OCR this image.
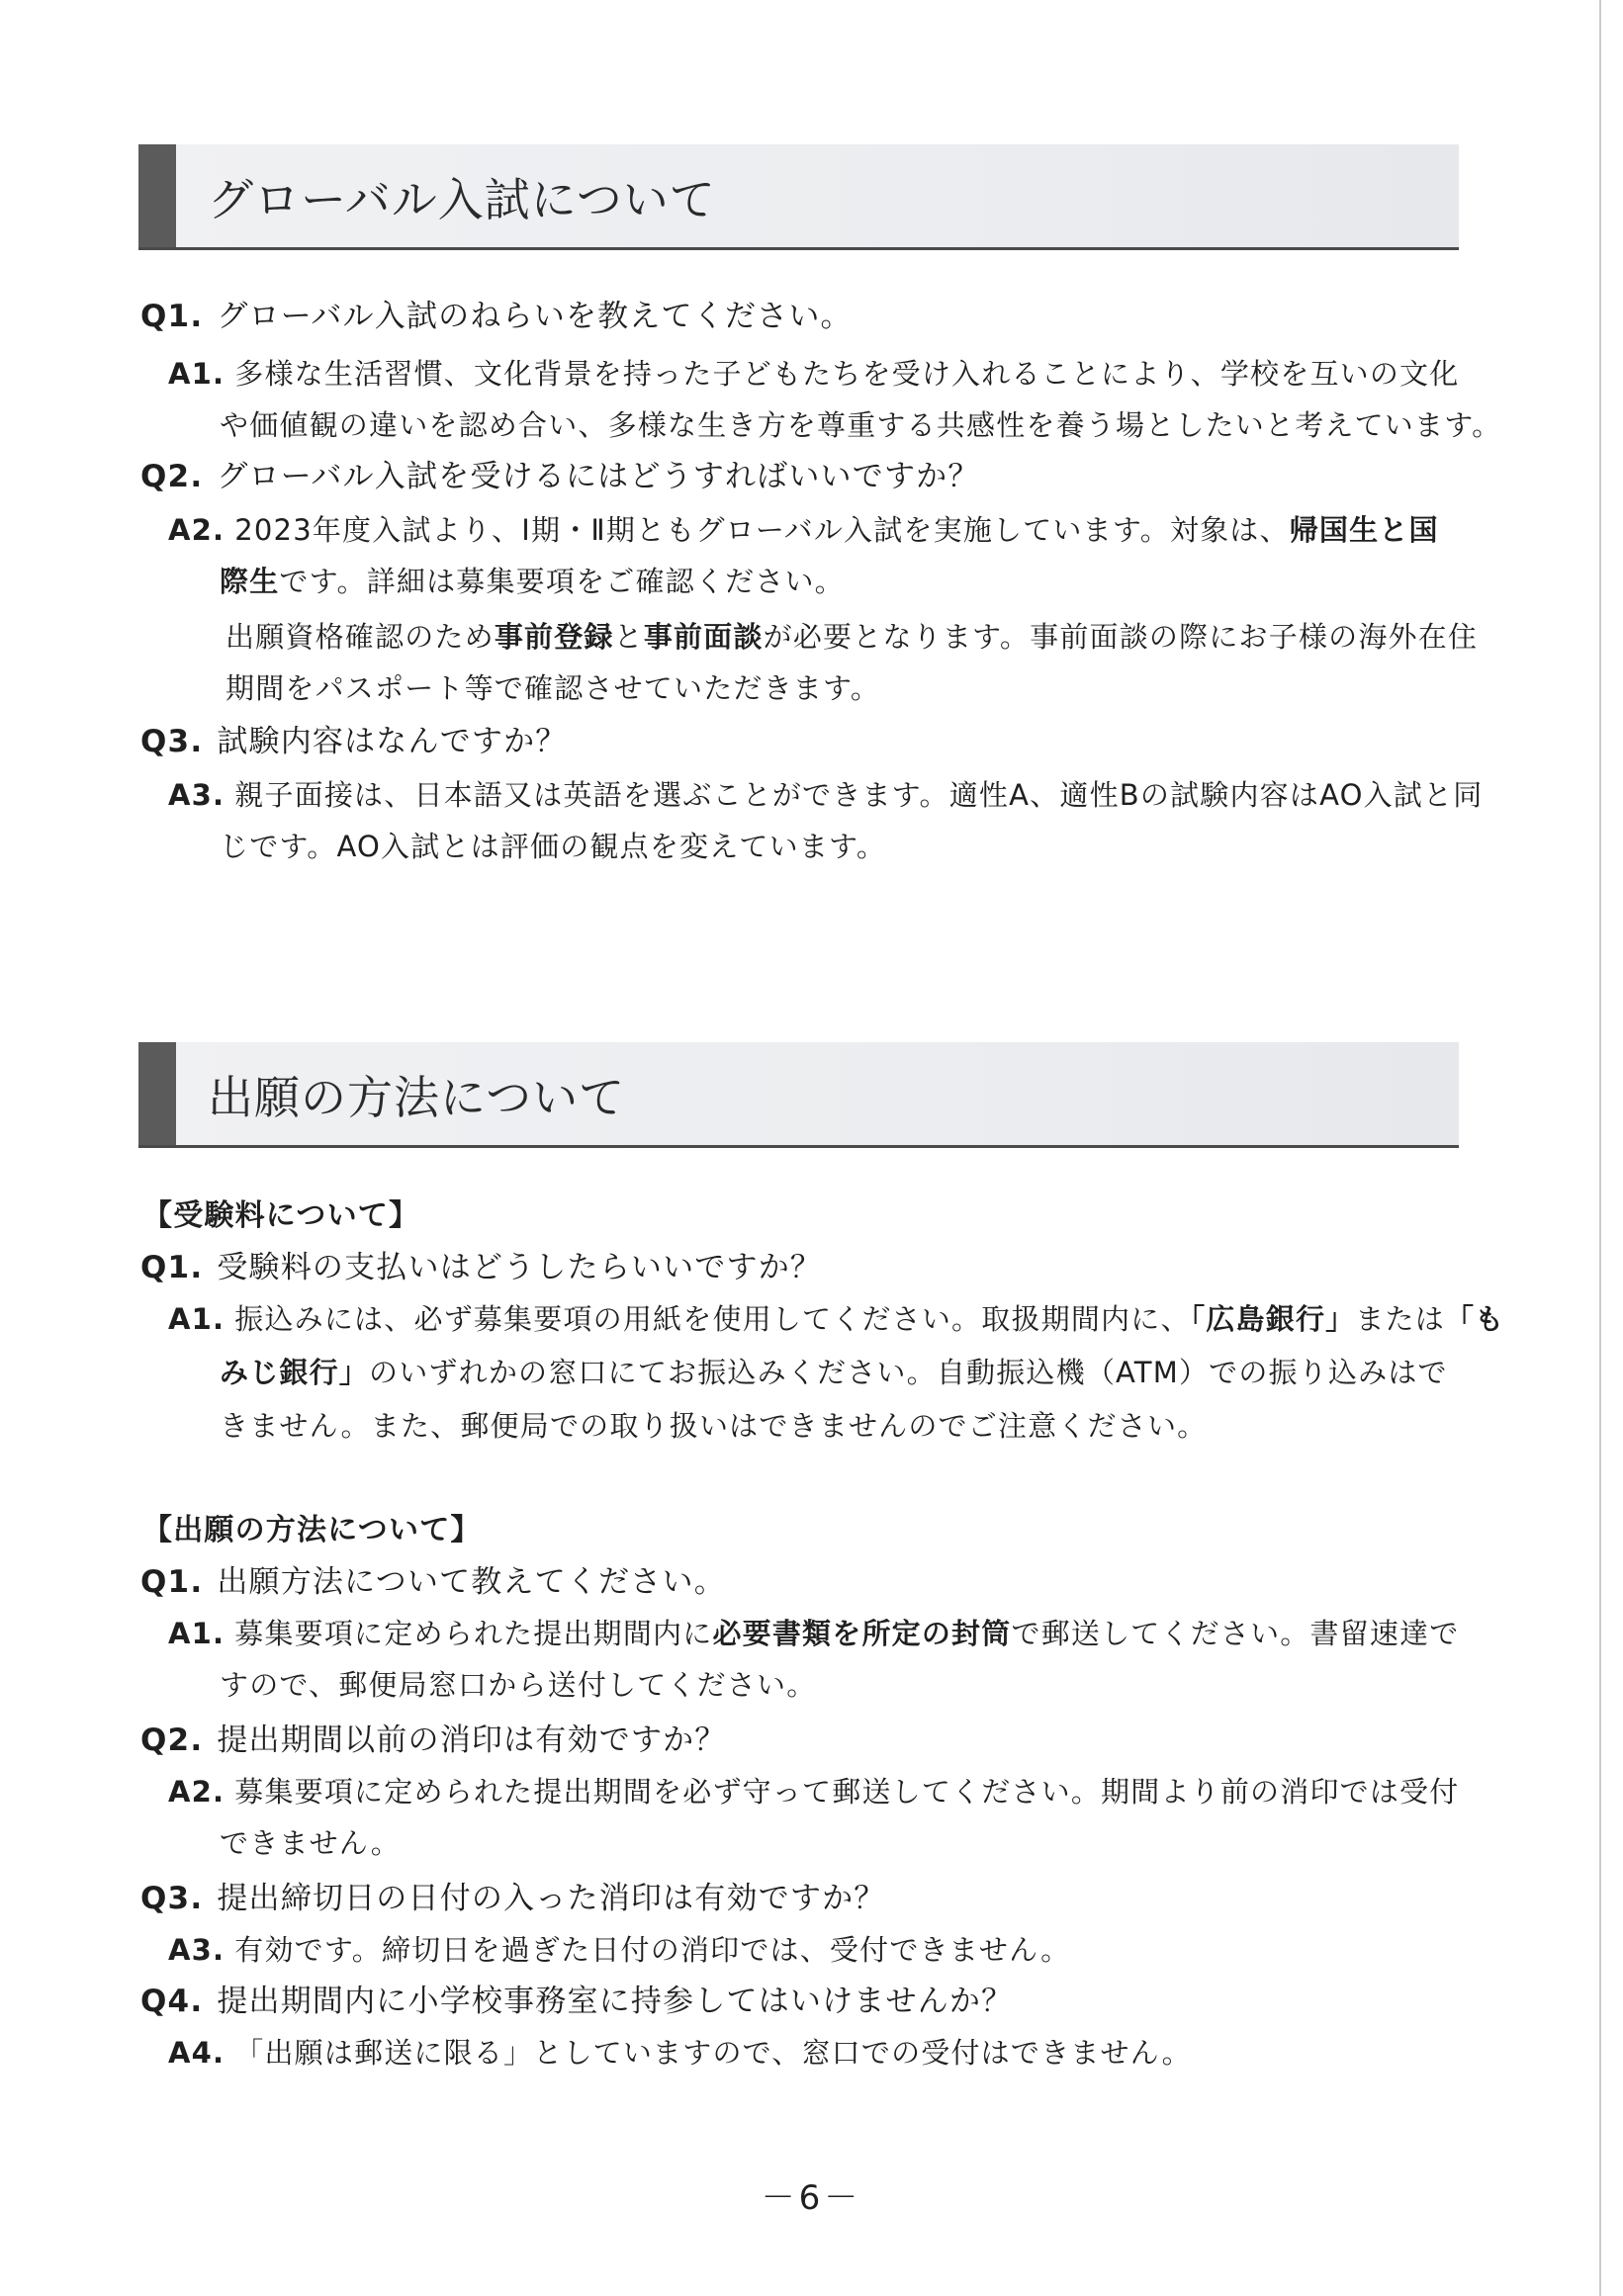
グローバル入試について
Q1. グローバル入試のねらいを教えてください。
A1. 多様な生活習慣、文化背景を持った子どもたちを受け入れることにより、学校を互いの文化
や価値観の違いを認め合い、多様な生き方を尊重する共感性を養う場としたいと考えています。
Q2. グローバル入試を受けるにはどうすればいいですか？
A2. 2023年度入試より、Ⅰ期・Ⅱ期ともグローバル入試を実施しています。対象は、帰国生と国
際生です。詳細は募集要項をご確認ください。
出願資格確認のため事前登録と事前面談が必要となります。事前面談の際にお子様の海外在住
期間をパスポート等で確認させていただきます。
Q3. 試験内容はなんですか？
A3. 親子面接は、日本語又は英語を選ぶことができます。適性A、適性Bの試験内容はAO入試と同
じです。AO入試とは評価の観点を変えています。
出願の方法について
【受験料について】
Q1. 受験料の支払いはどうしたらいいですか？
A1. 振込みには、必ず募集要項の用紙を使用してください。取扱期間内に、「広島銀行」または「も
みじ銀行」のいずれかの窓口にてお振込みください。自動振込機（ATM）での振り込みはで
きません。また、郵便局での取り扱いはできませんのでご注意ください。
【出願の方法について】
Q1. 出願方法について教えてください。
A1. 募集要項に定められた提出期間内に必要書類を所定の封筒で郵送してください。書留速達で
すので、郵便局窓口から送付してください。
Q2. 提出期間以前の消印は有効ですか？
A2. 募集要項に定められた提出期間を必ず守って郵送してください。期間より前の消印では受付
できません。
Q3. 提出締切日の日付の入った消印は有効ですか？
A3. 有効です。締切日を過ぎた日付の消印では、受付できません。
Q4. 提出期間内に小学校事務室に持参してはいけませんか？
A4. 「出願は郵送に限る」としていますので、窓口での受付はできません。
－6－
